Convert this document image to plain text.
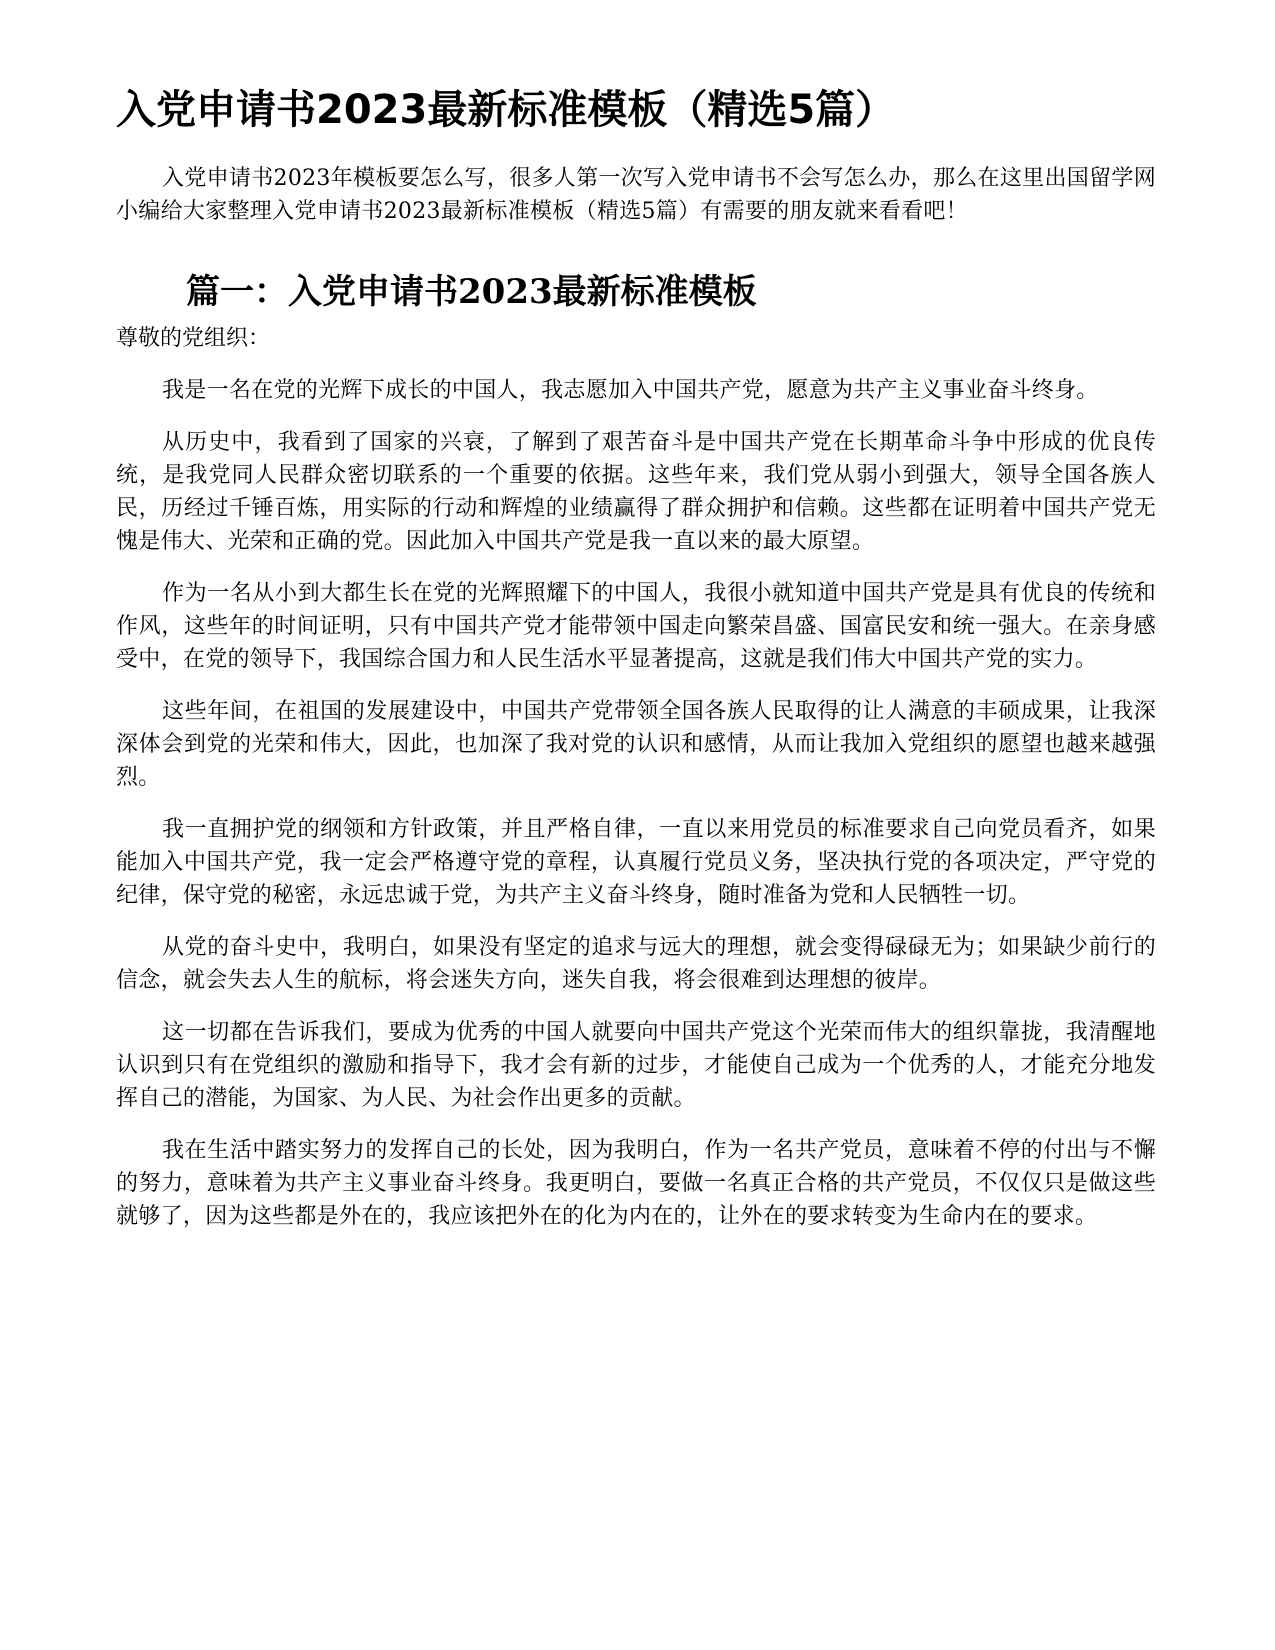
入党申请书2023最新标准模板（精选5篇）

入党申请书2023年模板要怎么写，很多人第一次写入党申请书不会写怎么办，那么在这里出国留学网小编给大家整理入党申请书2023最新标准模板（精选5篇）有需要的朋友就来看看吧！

篇一：入党申请书2023最新标准模板

尊敬的党组织：

我是一名在党的光辉下成长的中国人，我志愿加入中国共产党，愿意为共产主义事业奋斗终身。

从历史中，我看到了国家的兴衰，了解到了艰苦奋斗是中国共产党在长期革命斗争中形成的优良传统，是我党同人民群众密切联系的一个重要的依据。这些年来，我们党从弱小到强大，领导全国各族人民，历经过千锤百炼，用实际的行动和辉煌的业绩赢得了群众拥护和信赖。这些都在证明着中国共产党无愧是伟大、光荣和正确的党。因此加入中国共产党是我一直以来的最大原望。

作为一名从小到大都生长在党的光辉照耀下的中国人，我很小就知道中国共产党是具有优良的传统和作风，这些年的时间证明，只有中国共产党才能带领中国走向繁荣昌盛、国富民安和统一强大。在亲身感受中，在党的领导下，我国综合国力和人民生活水平显著提高，这就是我们伟大中国共产党的实力。

这些年间，在祖国的发展建设中，中国共产党带领全国各族人民取得的让人满意的丰硕成果，让我深深体会到党的光荣和伟大，因此，也加深了我对党的认识和感情，从而让我加入党组织的愿望也越来越强烈。

我一直拥护党的纲领和方针政策，并且严格自律，一直以来用党员的标准要求自己向党员看齐，如果能加入中国共产党，我一定会严格遵守党的章程，认真履行党员义务，坚决执行党的各项决定，严守党的纪律，保守党的秘密，永远忠诚于党，为共产主义奋斗终身，随时准备为党和人民牺牲一切。

从党的奋斗史中，我明白，如果没有坚定的追求与远大的理想，就会变得碌碌无为；如果缺少前行的信念，就会失去人生的航标，将会迷失方向，迷失自我，将会很难到达理想的彼岸。

这一切都在告诉我们，要成为优秀的中国人就要向中国共产党这个光荣而伟大的组织靠拢，我清醒地认识到只有在党组织的激励和指导下，我才会有新的过步，才能使自己成为一个优秀的人，才能充分地发挥自己的潜能，为国家、为人民、为社会作出更多的贡献。

我在生活中踏实努力的发挥自己的长处，因为我明白，作为一名共产党员，意味着不停的付出与不懈的努力，意味着为共产主义事业奋斗终身。我更明白，要做一名真正合格的共产党员，不仅仅只是做这些就够了，因为这些都是外在的，我应该把外在的化为内在的，让外在的要求转变为生命内在的要求。
